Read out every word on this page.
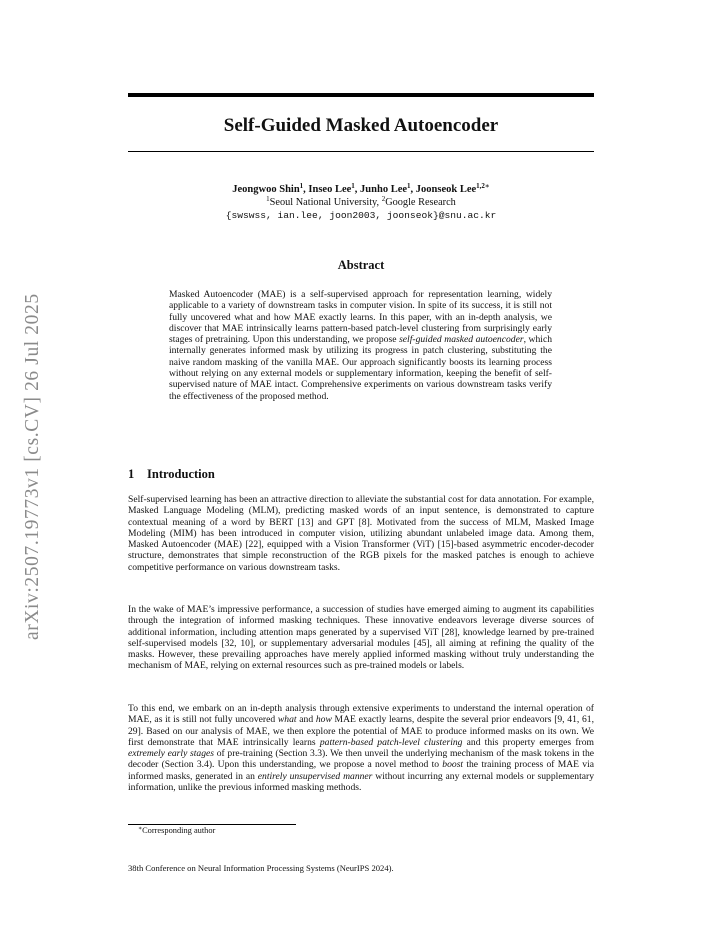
arXiv:2507.19773v1 [cs.CV] 26 Jul 2025
Self-Guided Masked Autoencoder
Jeongwoo Shin$^1$, Inseo Lee$^1$, Junho Lee$^1$, Joonseok Lee$^{1,2∗}$
$^1$Seoul National University, $^2$Google Research
{swswss, ian.lee, joon2003, joonseok}@snu.ac.kr
Abstract
Masked Autoencoder (MAE) is a self-supervised approach for representation learning, widely applicable to a variety of downstream tasks in computer vision. In spite of its success, it is still not fully uncovered what and how MAE exactly learns. In this paper, with an in-depth analysis, we discover that MAE intrinsically learns pattern-based patch-level clustering from surprisingly early stages of pretraining. Upon this understanding, we propose self-guided masked autoencoder, which internally generates informed mask by utilizing its progress in patch clustering, substituting the naive random masking of the vanilla MAE. Our approach significantly boosts its learning process without relying on any external models or supplementary information, keeping the benefit of self-supervised nature of MAE intact. Comprehensive experiments on various downstream tasks verify the effectiveness of the proposed method.
1 Introduction
Self-supervised learning has been an attractive direction to alleviate the substantial cost for data annotation. For example, Masked Language Modeling (MLM), predicting masked words of an input sentence, is demonstrated to capture contextual meaning of a word by BERT [13] and GPT [8]. Motivated from the success of MLM, Masked Image Modeling (MIM) has been introduced in computer vision, utilizing abundant unlabeled image data. Among them, Masked Autoencoder (MAE) [22], equipped with a Vision Transformer (ViT) [15]-based asymmetric encoder-decoder structure, demonstrates that simple reconstruction of the RGB pixels for the masked patches is enough to achieve competitive performance on various downstream tasks.
In the wake of MAE’s impressive performance, a succession of studies have emerged aiming to augment its capabilities through the integration of informed masking techniques. These innovative endeavors leverage diverse sources of additional information, including attention maps generated by a supervised ViT [28], knowledge learned by pre-trained self-supervised models [32, 10], or supplementary adversarial modules [45], all aiming at refining the quality of the masks. However, these prevailing approaches have merely applied informed masking without truly understanding the mechanism of MAE, relying on external resources such as pre-trained models or labels.
To this end, we embark on an in-depth analysis through extensive experiments to understand the internal operation of MAE, as it is still not fully uncovered what and how MAE exactly learns, despite the several prior endeavors [9, 41, 61, 29]. Based on our analysis of MAE, we then explore the potential of MAE to produce informed masks on its own. We first demonstrate that MAE intrinsically learns pattern-based patch-level clustering and this property emerges from extremely early stages of pre-training (Section 3.3). We then unveil the underlying mechanism of the mask tokens in the decoder (Section 3.4). Upon this understanding, we propose a novel method to boost the training process of MAE via informed masks, generated in an entirely unsupervised manner without incurring any external models or supplementary information, unlike the previous informed masking methods.
∗Corresponding author
38th Conference on Neural Information Processing Systems (NeurIPS 2024).
